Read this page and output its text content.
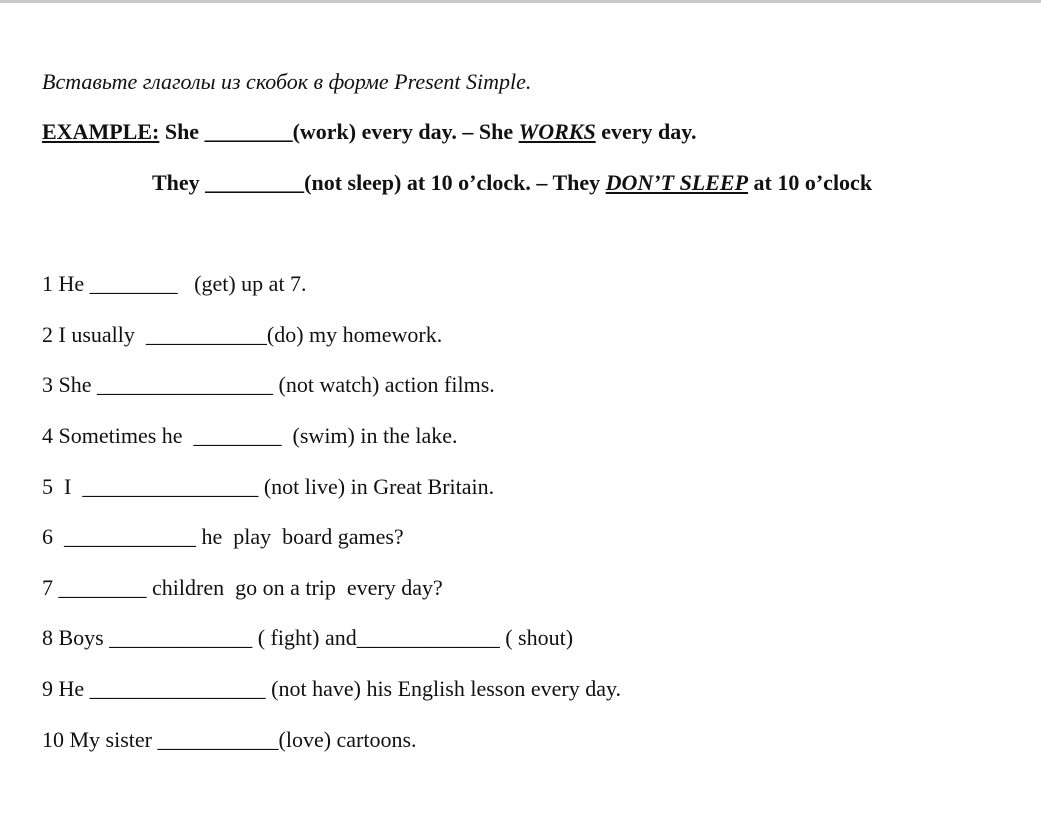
Вставьте глаголы из скобок в форме Present Simple.
EXAMPLE: She ________(work) every day. – She WORKS every day.
They _________(not sleep) at 10 o’clock. – They DON’T SLEEP at 10 o’clock
1 He ________   (get) up at 7.
2 I usually  ___________(do) my homework.
3 She ________________ (not watch) action films.
4 Sometimes he  ________  (swim) in the lake.
5  I  ________________ (not live) in Great Britain.
6  ____________ he  play  board games?
7 ________ children  go on a trip  every day?
8 Boys _____________ ( fight) and_____________ ( shout)
9 He ________________ (not have) his English lesson every day.
10 My sister ___________(love) cartoons.
